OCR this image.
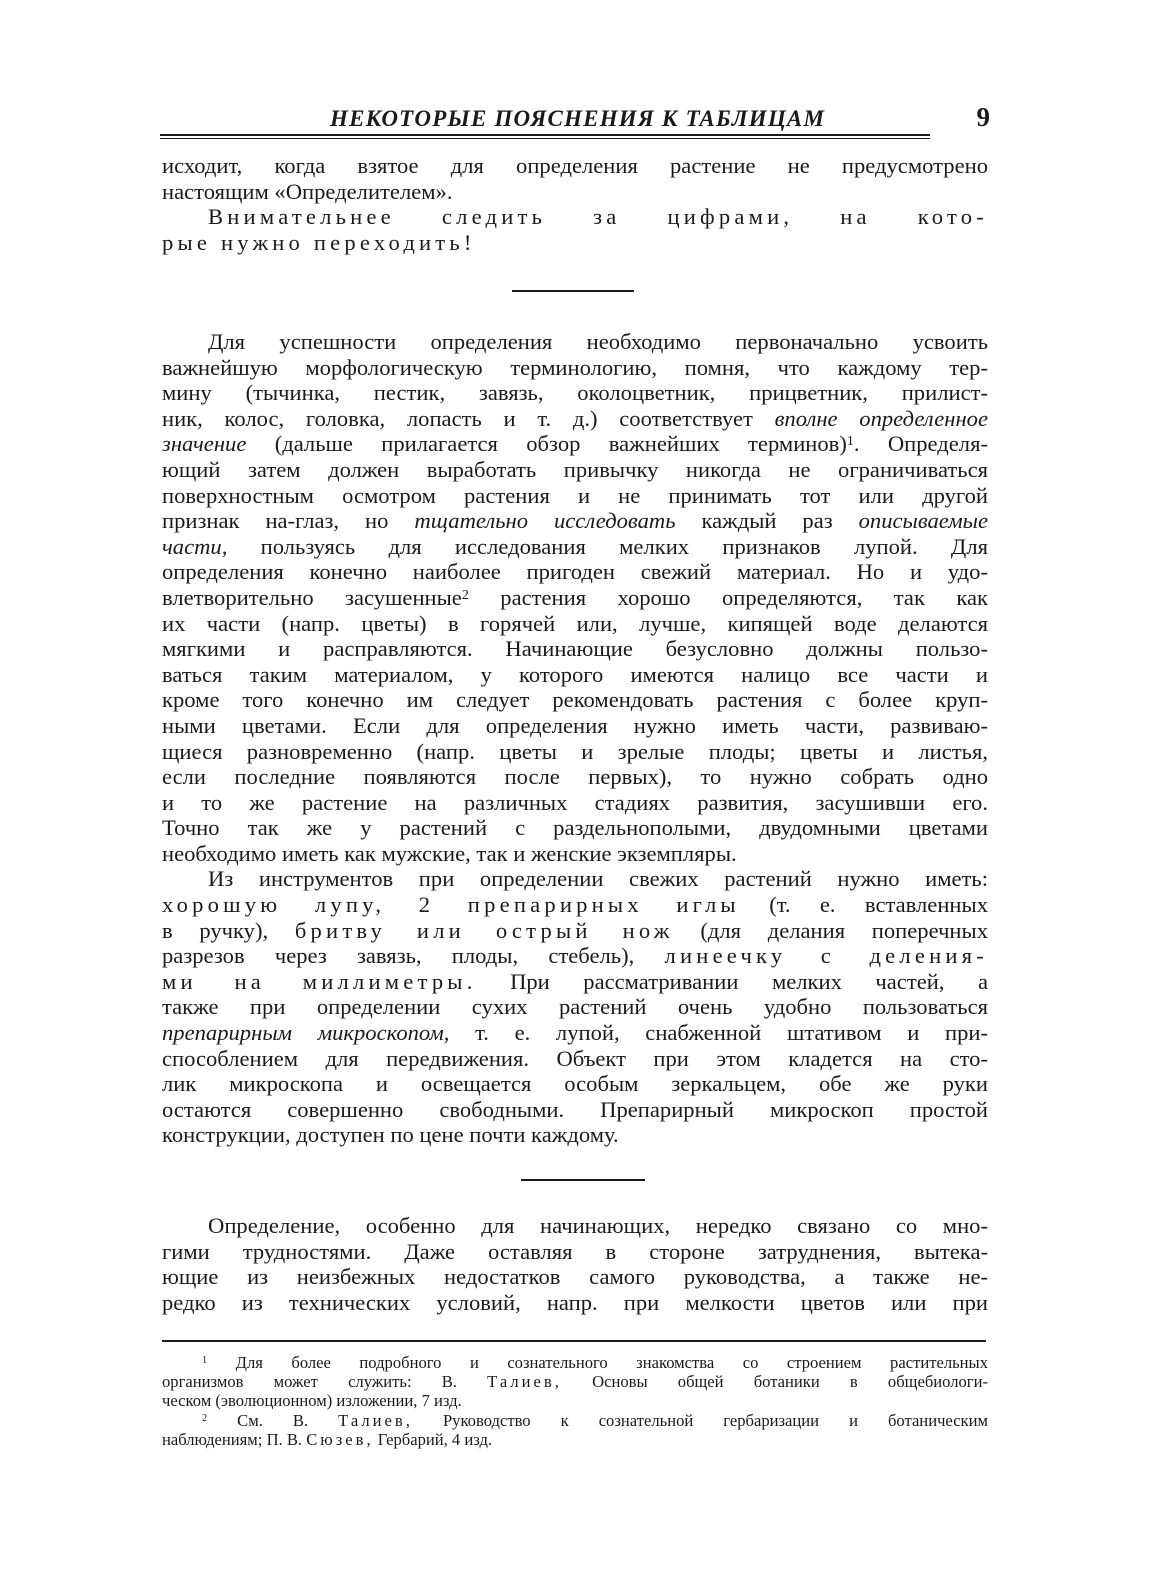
НЕКОТОРЫЕ ПОЯСНЕНИЯ К ТАБЛИЦАМ	9
исходит, когда взятое для определения растение не предусмотрено
настоящим «Определителем».
Внимательнее следить за цифрами, на кото-
рые нужно переходить!
Для успешности определения необходимо первоначально усвоить
важнейшую морфологическую терминологию, помня, что каждому тер-
мину (тычинка, пестик, завязь, околоцветник, прицветник, прилист-
ник, колос, головка, лопасть и т. д.) соответствует вполне определенное
значение (дальше прилагается обзор важнейших терминов)$^1$. Определя-
ющий затем должен выработать привычку никогда не ограничиваться
поверхностным осмотром растения и не принимать тот или другой
признак на-глаз, но тщательно исследовать каждый раз описываемые
части, пользуясь для исследования мелких признаков лупой. Для
определения конечно наиболее пригоден свежий материал. Но и удо-
влетворительно засушенные$^2$ растения хорошо определяются, так как
их части (напр. цветы) в горячей или, лучше, кипящей воде делаются
мягкими и расправляются. Начинающие безусловно должны пользо-
ваться таким материалом, у которого имеются налицо все части и
кроме того конечно им следует рекомендовать растения с более круп-
ными цветами. Если для определения нужно иметь части, развиваю-
щиеся разновременно (напр. цветы и зрелые плоды; цветы и листья,
если последние появляются после первых), то нужно собрать одно
и то же растение на различных стадиях развития, засушивши его.
Точно так же у растений с раздельнополыми, двудомными цветами
необходимо иметь как мужские, так и женские экземпляры.
Из инструментов при определении свежих растений нужно иметь:
хорошую лупу, 2 препарирных иглы (т. е. вставленных
в ручку), бритву или острый нож (для делания поперечных
разрезов через завязь, плоды, стебель), линеечку с деления-
ми на миллиметры. При рассматривании мелких частей, а
также при определении сухих растений очень удобно пользоваться
препарирным микроскопом, т. е. лупой, снабженной штативом и при-
способлением для передвижения. Объект при этом кладется на сто-
лик микроскопа и освещается особым зеркальцем, обе же руки
остаются совершенно свободными. Препарирный микроскоп простой
конструкции, доступен по цене почти каждому.
Определение, особенно для начинающих, нередко связано со мно-
гими трудностями. Даже оставляя в стороне затруднения, вытека-
ющие из неизбежных недостатков самого руководства, а также не-
редко из технических условий, напр. при мелкости цветов или при
$^1$ Для более подробного и сознательного знакомства со строением растительных
организмов может служить: В. Талиев, Основы общей ботаники в общебиологи-
ческом (эволюционном) изложении, 7 изд.
$^2$ См. В. Талиев, Руководство к сознательной гербаризации и ботаническим
наблюдениям; П. В. Сюзев, Гербарий, 4 изд.
